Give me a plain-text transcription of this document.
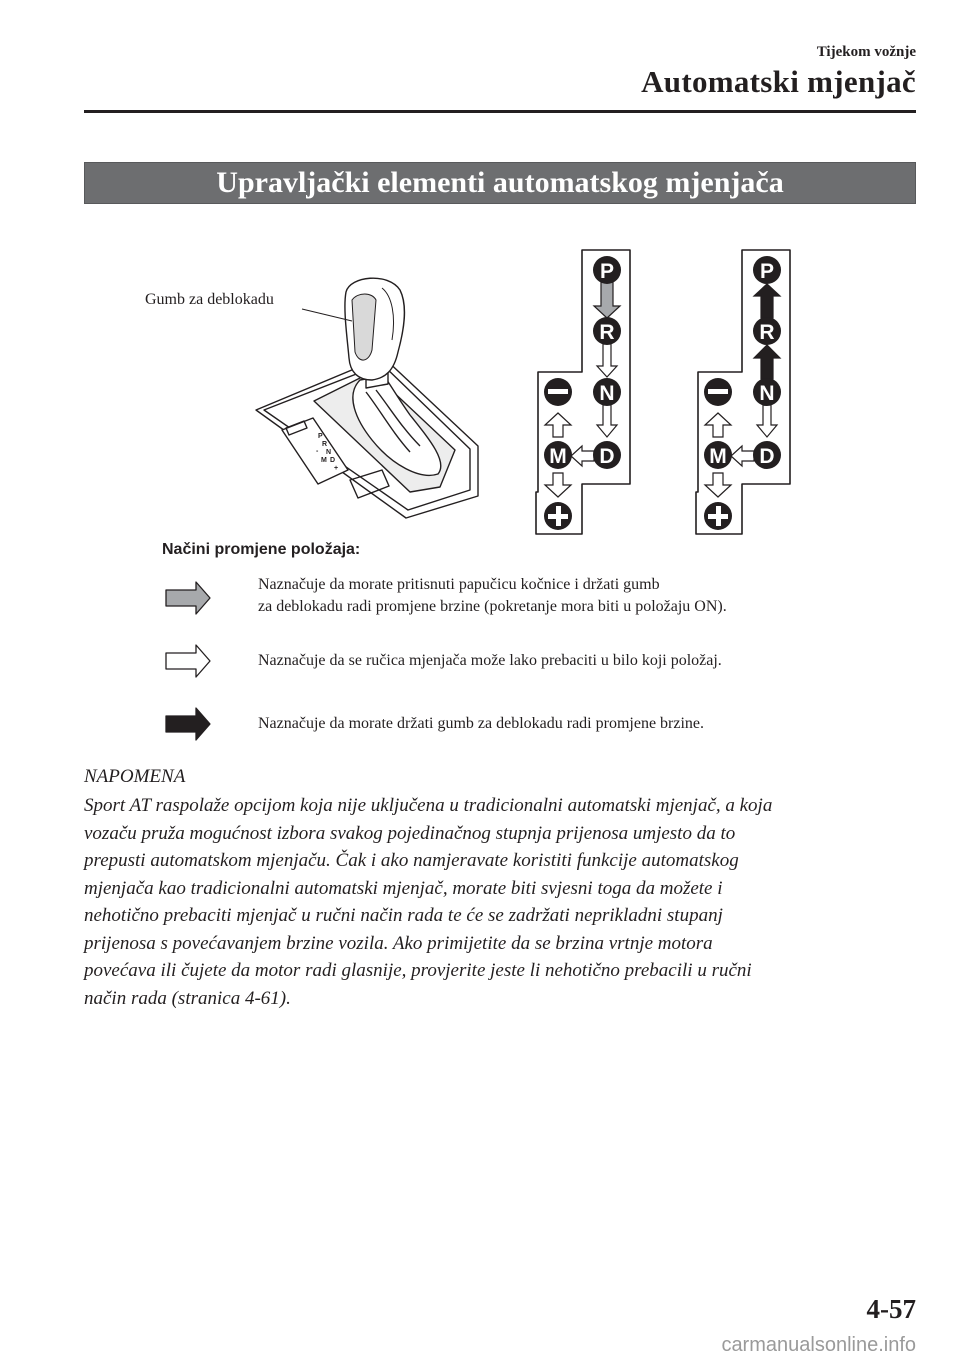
Tijekom vožnje
Automatski mjenjač
Upravljački elementi automatskog mjenjača
P
R
N
D
M
+
-
P
R
N
D
M
P
R
N
D
M
Gumb za deblokadu
Načini promjene položaja:
Naznačuje da morate pritisnuti papučicu kočnice i držati gumb
za deblokadu radi promjene brzine (pokretanje mora biti u položaju ON).
Naznačuje da se ručica mjenjača može lako prebaciti u bilo koji položaj.
Naznačuje da morate držati gumb za deblokadu radi promjene brzine.
NAPOMENA
Sport AT raspolaže opcijom koja nije uključena u tradicionalni automatski mjenjač, a koja
vozaču pruža mogućnost izbora svakog pojedinačnog stupnja prijenosa umjesto da to
prepusti automatskom mjenjaču. Čak i ako namjeravate koristiti funkcije automatskog
mjenjača kao tradicionalni automatski mjenjač, morate biti svjesni toga da možete i
nehotično prebaciti mjenjač u ručni način rada te će se zadržati neprikladni stupanj
prijenosa s povećavanjem brzine vozila. Ako primijetite da se brzina vrtnje motora
povećava ili čujete da motor radi glasnije, provjerite jeste li nehotično prebacili u ručni
način rada (stranica 4-61).
4-57
carmanualsonline.info
